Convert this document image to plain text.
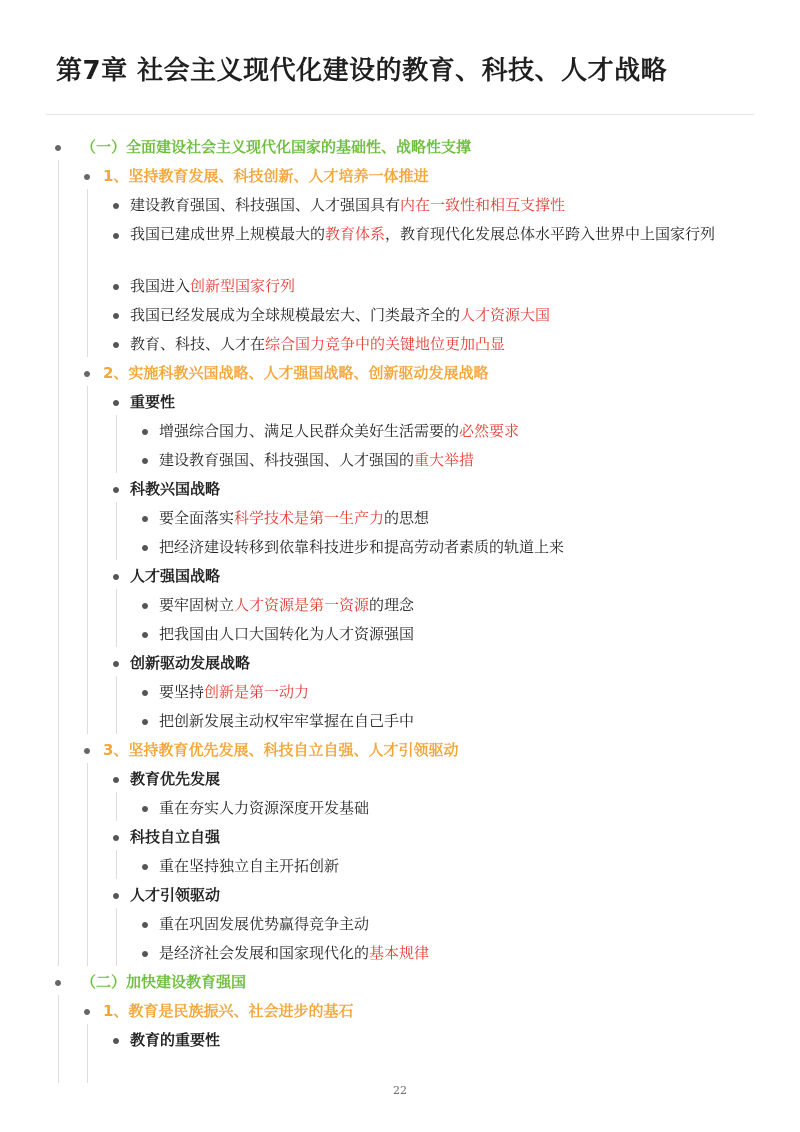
第7章 社会主义现代化建设的教育、科技、人才战略
（一）全面建设社会主义现代化国家的基础性、战略性支撑
1、坚持教育发展、科技创新、人才培养一体推进
建设教育强国、科技强国、人才强国具有内在一致性和相互支撑性
我国已建成世界上规模最大的教育体系，教育现代化发展总体水平跨入世界中上国家行列
我国进入创新型国家行列
我国已经发展成为全球规模最宏大、门类最齐全的人才资源大国
教育、科技、人才在综合国力竞争中的关键地位更加凸显
2、实施科教兴国战略、人才强国战略、创新驱动发展战略
重要性
增强综合国力、满足人民群众美好生活需要的必然要求
建设教育强国、科技强国、人才强国的重大举措
科教兴国战略
要全面落实科学技术是第一生产力的思想
把经济建设转移到依靠科技进步和提高劳动者素质的轨道上来
人才强国战略
要牢固树立人才资源是第一资源的理念
把我国由人口大国转化为人才资源强国
创新驱动发展战略
要坚持创新是第一动力
把创新发展主动权牢牢掌握在自己手中
3、坚持教育优先发展、科技自立自强、人才引领驱动
教育优先发展
重在夯实人力资源深度开发基础
科技自立自强
重在坚持独立自主开拓创新
人才引领驱动
重在巩固发展优势赢得竞争主动
是经济社会发展和国家现代化的基本规律
（二）加快建设教育强国
1、教育是民族振兴、社会进步的基石
教育的重要性
22
